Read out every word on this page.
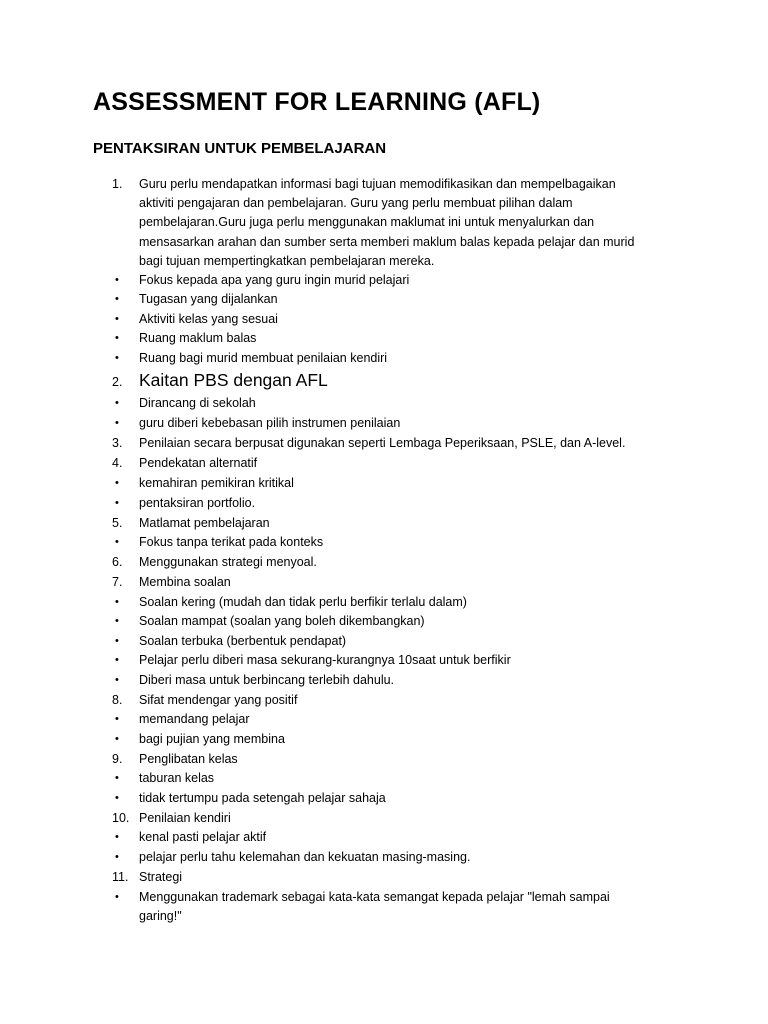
ASSESSMENT FOR LEARNING (AFL)
PENTAKSIRAN UNTUK PEMBELAJARAN
1.	Guru perlu mendapatkan informasi bagi tujuan memodifikasikan dan mempelbagaikan
aktiviti pengajaran dan pembelajaran. Guru yang perlu membuat pilihan dalam
pembelajaran.Guru juga perlu menggunakan maklumat ini untuk menyalurkan dan
mensasarkan arahan dan sumber serta memberi maklum balas kepada pelajar dan murid
bagi tujuan mempertingkatkan pembelajaran mereka.
•	Fokus kepada apa yang guru ingin murid pelajari
•	Tugasan yang dijalankan
•	Aktiviti kelas yang sesuai
•	Ruang maklum balas
•	Ruang bagi murid membuat penilaian kendiri
2. Kaitan PBS dengan AFL
•	Dirancang di sekolah
•	guru diberi kebebasan pilih instrumen penilaian
3.	Penilaian secara berpusat digunakan seperti Lembaga Peperiksaan, PSLE, dan A-level.
4.	Pendekatan alternatif
•	kemahiran pemikiran kritikal
•	pentaksiran portfolio.
5.	Matlamat pembelajaran
•	Fokus tanpa terikat pada konteks
6.	Menggunakan strategi menyoal.
7.	Membina soalan
•	Soalan kering (mudah dan tidak perlu berfikir terlalu dalam)
•	Soalan mampat (soalan yang boleh dikembangkan)
•	Soalan terbuka (berbentuk pendapat)
•	Pelajar perlu diberi masa sekurang-kurangnya 10saat untuk berfikir
•	Diberi masa untuk berbincang terlebih dahulu.
8.	Sifat mendengar yang positif
•	memandang pelajar
•	bagi pujian yang membina
9.	Penglibatan kelas
•	taburan kelas
•	tidak tertumpu pada setengah pelajar sahaja
10. Penilaian kendiri
•	kenal pasti pelajar aktif
•	pelajar perlu tahu kelemahan dan kekuatan masing-masing.
11. Strategi
•	Menggunakan trademark sebagai kata-kata semangat kepada pelajar "lemah sampai
garing!"
